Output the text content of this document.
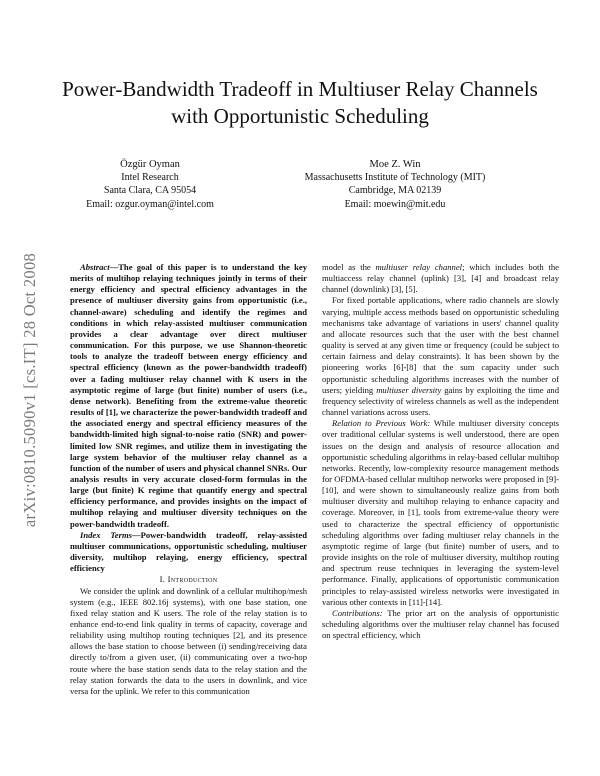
Power-Bandwidth Tradeoff in Multiuser Relay Channels
with Opportunistic Scheduling
Özgür Oyman
Intel Research
Santa Clara, CA 95054
Email: ozgur.oyman@intel.com
Moe Z. Win
Massachusetts Institute of Technology (MIT)
Cambridge, MA 02139
Email: moewin@mit.edu
arXiv:0810.5090v1 [cs.IT] 28 Oct 2008	Abstract—The goal of this paper is to understand the key merits of multihop relaying techniques jointly in terms of their energy efficiency and spectral efficiency advantages in the presence of multiuser diversity gains from opportunistic (i.e., channel-aware) scheduling and identify the regimes and conditions in which relay-assisted multiuser communication provides a clear advantage over direct multiuser communication. For this purpose, we use Shannon-theoretic tools to analyze the tradeoff between energy efficiency and spectral efficiency (known as the power-bandwidth tradeoff) over a fading multiuser relay channel with K users in the asymptotic regime of large (but finite) number of users (i.e., dense network). Benefiting from the extreme-value theoretic results of [1], we characterize the power-bandwidth tradeoff and the associated energy and spectral efficiency measures of the bandwidth-limited high signal-to-noise ratio (SNR) and power-limited low SNR regimes, and utilize them in investigating the large system behavior of the multiuser relay channel as a function of the number of users and physical channel SNRs. Our analysis results in very accurate closed-form formulas in the large (but finite) K regime that quantify energy and spectral efficiency performance, and provides insights on the impact of multihop relaying and multiuser diversity techniques on the power-bandwidth tradeoff.

Index Terms—Power-bandwidth tradeoff, relay-assisted multiuser communications, opportunistic scheduling, multiuser diversity, multihop relaying, energy efficiency, spectral efficiency

I. Introduction

We consider the uplink and downlink of a cellular multihop/mesh system (e.g., IEEE 802.16j systems), with one base station, one fixed relay station and K users. The role of the relay station is to enhance end-to-end link quality in terms of capacity, coverage and reliability using multihop routing techniques [2], and its presence allows the base station to choose between (i) sending/receiving data directly to/from a given user, (ii) communicating over a two-hop route where the base station sends data to the relay station and the relay station forwards the data to the users in downlink, and vice versa for the uplink. We refer to this communication

model as the multiuser relay channel; which includes both the multiaccess relay channel (uplink) [3], [4] and broadcast relay channel (downlink) [3], [5].

For fixed portable applications, where radio channels are slowly varying, multiple access methods based on opportunistic scheduling mechanisms take advantage of variations in users' channel quality and allocate resources such that the user with the best channel quality is served at any given time or frequency (could be subject to certain fairness and delay constraints). It has been shown by the pioneering works [6]-[8] that the sum capacity under such opportunistic scheduling algorithms increases with the number of users; yielding multiuser diversity gains by exploiting the time and frequency selectivity of wireless channels as well as the independent channel variations across users.

Relation to Previous Work: While multiuser diversity concepts over traditional cellular systems is well understood, there are open issues on the design and analysis of resource allocation and opportunistic scheduling algorithms in relay-based cellular multihop networks. Recently, low-complexity resource management methods for OFDMA-based cellular multihop networks were proposed in [9]-[10], and were shown to simultaneously realize gains from both multiuser diversity and multihop relaying to enhance capacity and coverage. Moreover, in [1], tools from extreme-value theory were used to characterize the spectral efficiency of opportunistic scheduling algorithms over fading multiuser relay channels in the asymptotic regime of large (but finite) number of users, and to provide insights on the role of multiuser diversity, multihop routing and spectrum reuse techniques in leveraging the system-level performance. Finally, applications of opportunistic communication principles to relay-assisted wireless networks were investigated in various other contexts in [11]-[14].

Contributions: The prior art on the analysis of opportunistic scheduling algorithms over the multiuser relay channel has focused on spectral efficiency, which
